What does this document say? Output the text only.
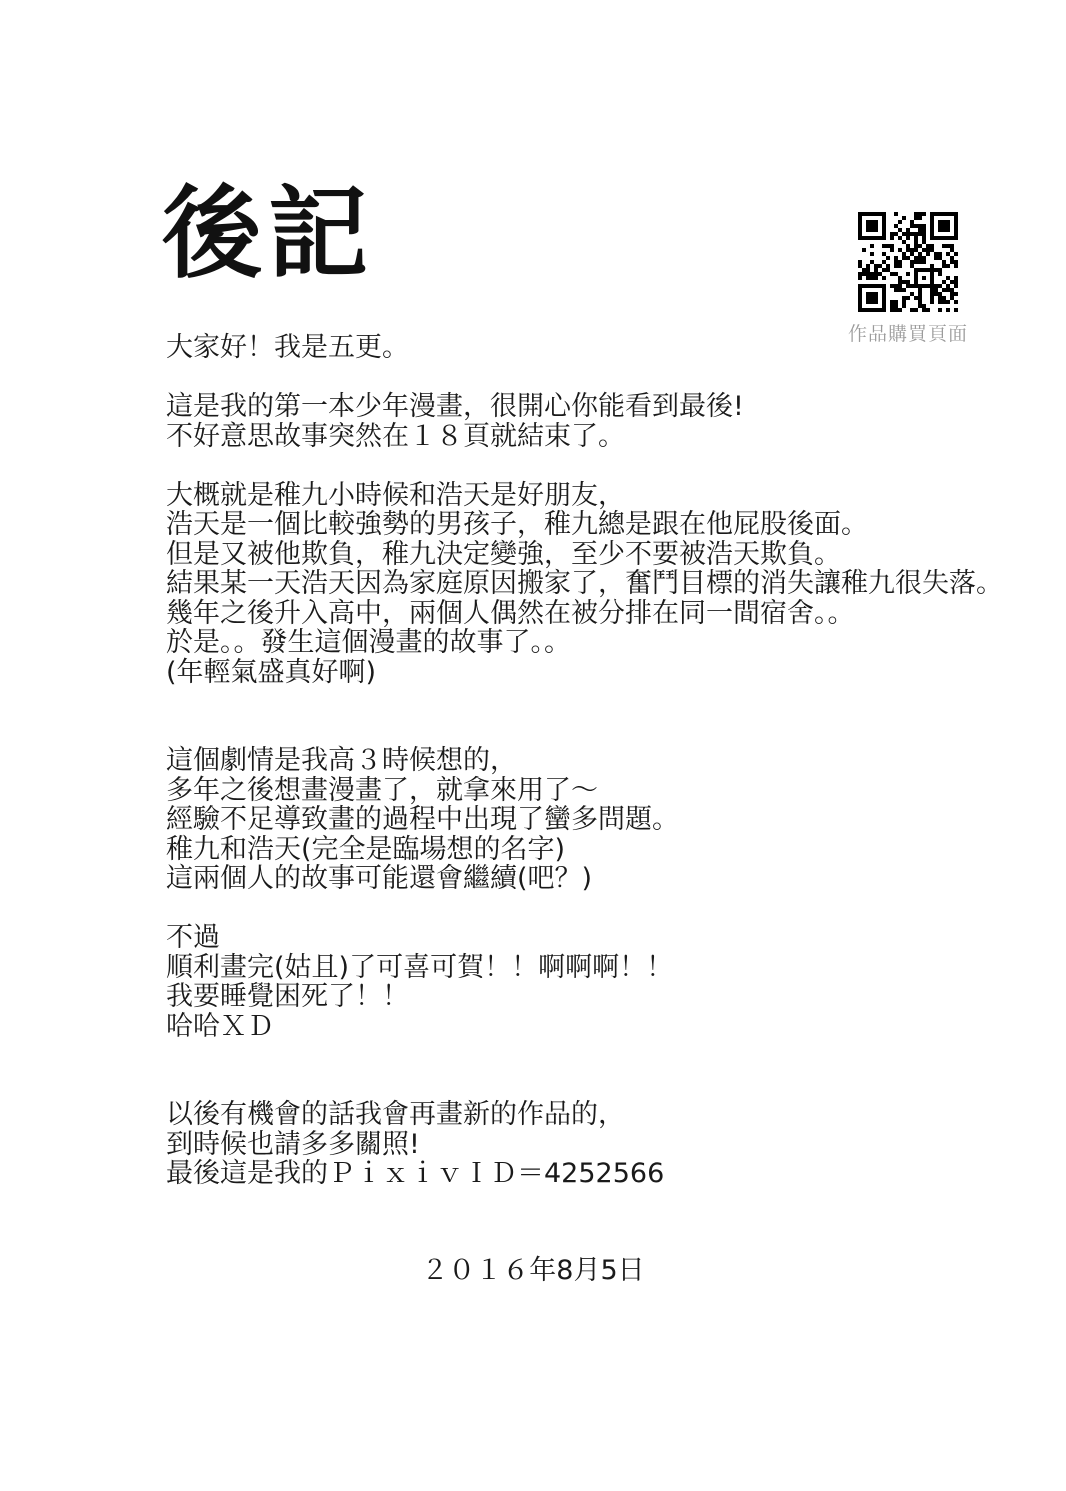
後記
作品購買頁面
大家好！我是五更。
這是我的第一本少年漫畫，很開心你能看到最後!
不好意思故事突然在１８頁就結束了。
大概就是稚九小時候和浩天是好朋友，
浩天是一個比較強勢的男孩子，稚九總是跟在他屁股後面。
但是又被他欺負，稚九決定變強，至少不要被浩天欺負。
結果某一天浩天因為家庭原因搬家了，奮鬥目標的消失讓稚九很失落。
幾年之後升入高中，兩個人偶然在被分排在同一間宿舍。。
於是。。發生這個漫畫的故事了。。
(年輕氣盛真好啊)
這個劇情是我高３時候想的，
多年之後想畫漫畫了，就拿來用了～
經驗不足導致畫的過程中出現了蠻多問題。
稚九和浩天(完全是臨場想的名字)
這兩個人的故事可能還會繼續(吧？)
不過
順利畫完(姑且)了可喜可賀！！啊啊啊！！
我要睡覺困死了！！
哈哈ＸＤ
以後有機會的話我會再畫新的作品的，
到時候也請多多關照!
最後這是我的ＰｉｘｉｖＩＤ＝4252566
２０１６年8月5日
